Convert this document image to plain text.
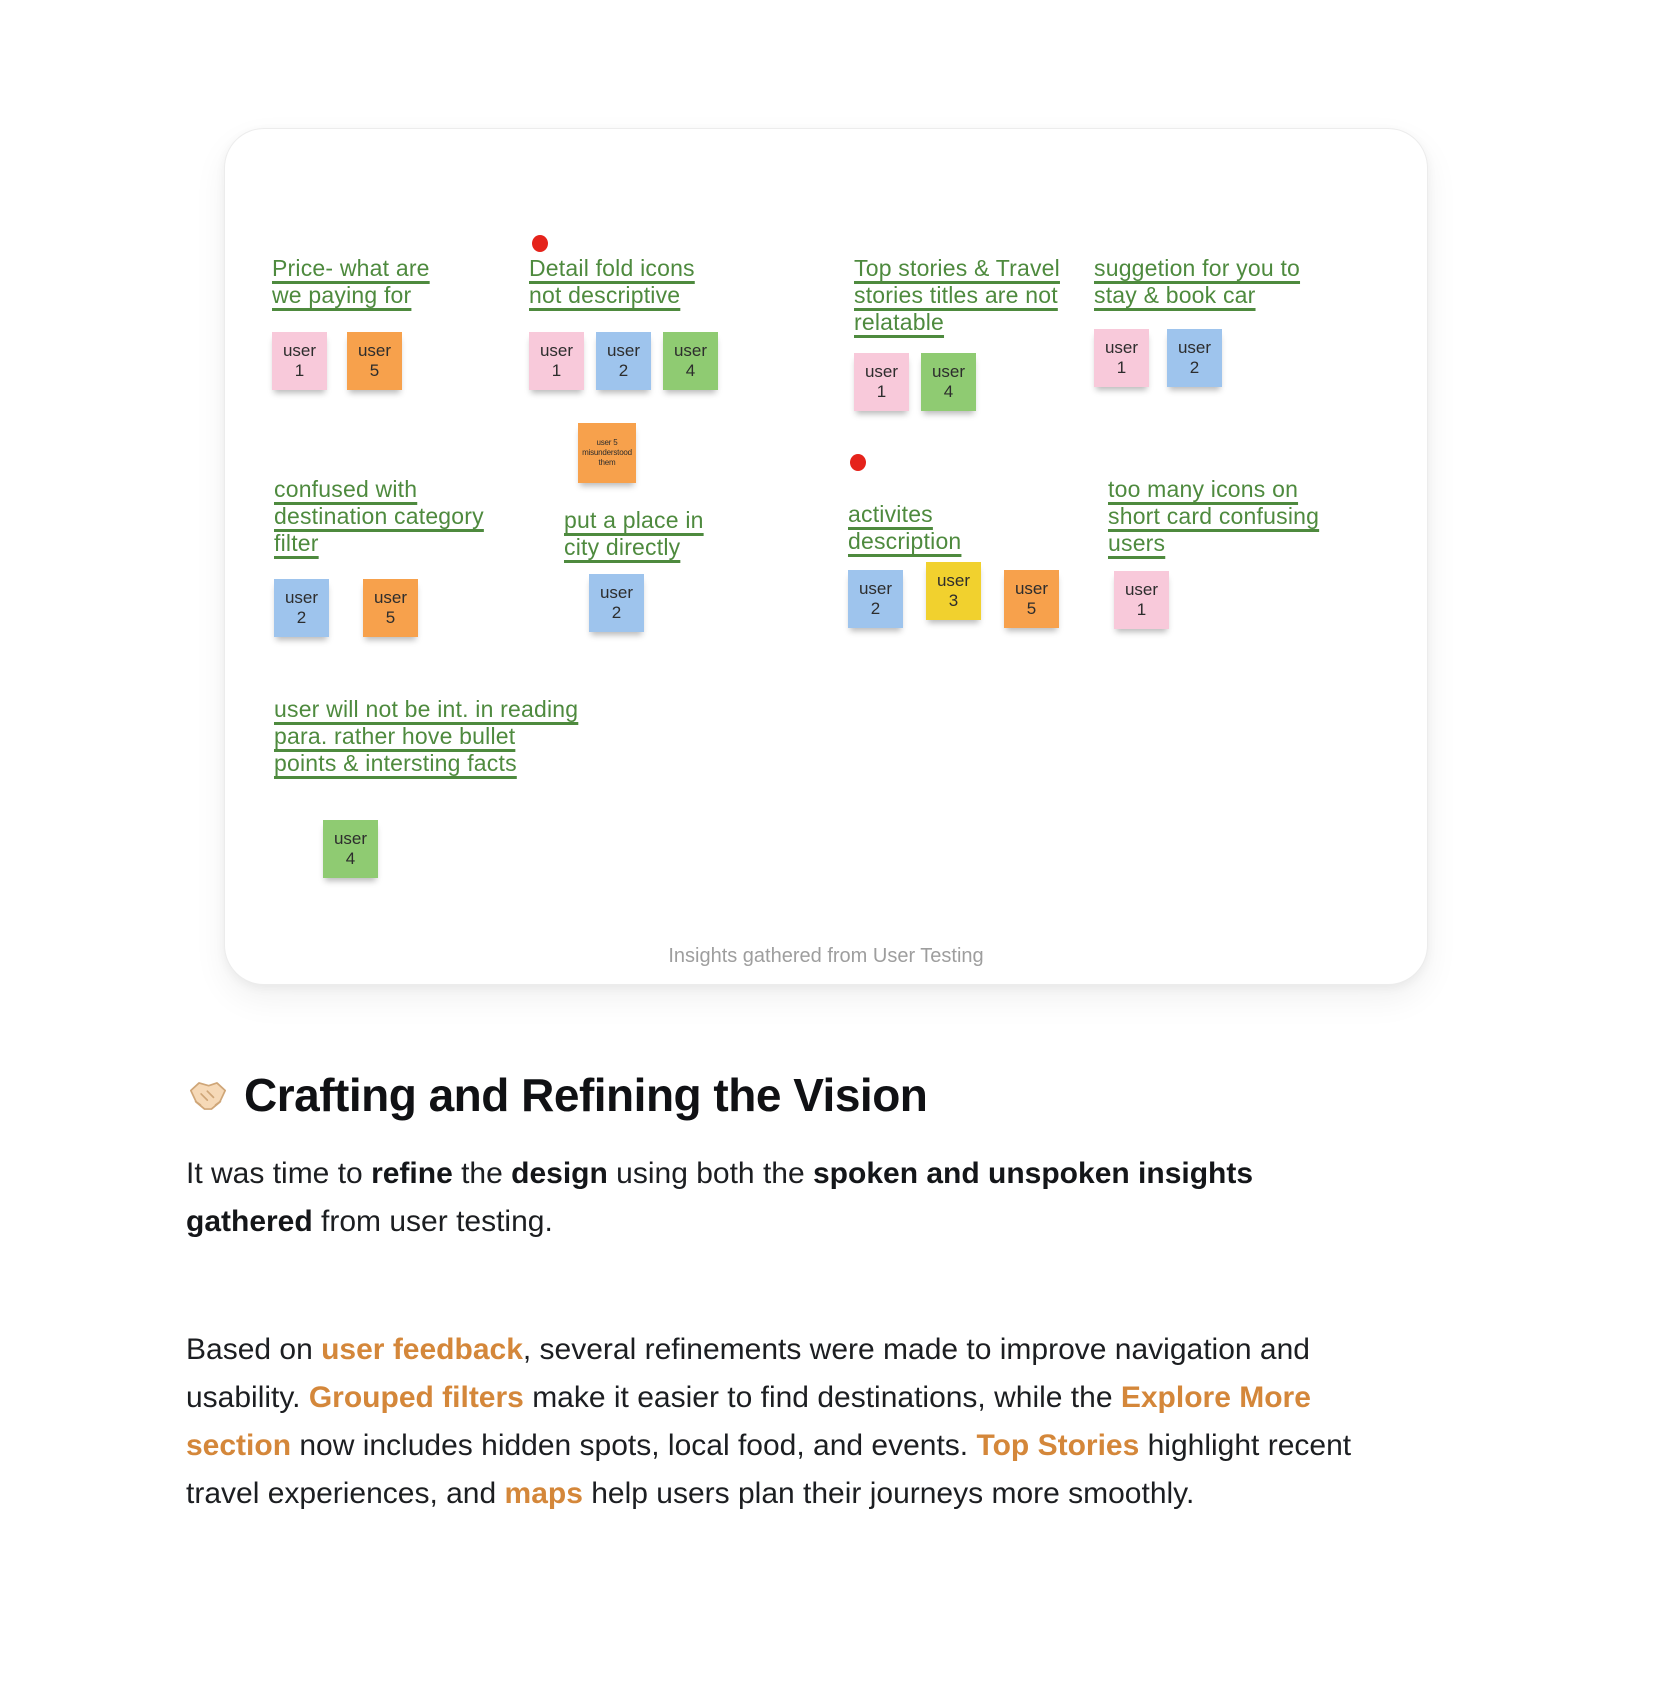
Price- what are
we paying for
user
1
user
5
Detail fold icons
not descriptive
user
1
user
2
user
4
user 5 misunderstood them
Top stories & Travel
stories titles are not
relatable
user
1
user
4
suggetion for you to
stay & book car
user
1
user
2
confused with
destination category
filter
user
2
user
5
put a place in
city directly
user
2
activites
description
user
2
user
3
user
5
too many icons on
short card confusing
users
user
1
user will not be int. in reading
para. rather hove bullet
points & intersting facts
user
4
Insights gathered from User Testing
Crafting and Refining the Vision

It was time to refine the design using both the spoken and unspoken insights gathered from user testing.

Based on user feedback, several refinements were made to improve navigation and usability. Grouped filters make it easier to find destinations, while the Explore More section now includes hidden spots, local food, and events. Top Stories highlight recent travel experiences, and maps help users plan their journeys more smoothly.
